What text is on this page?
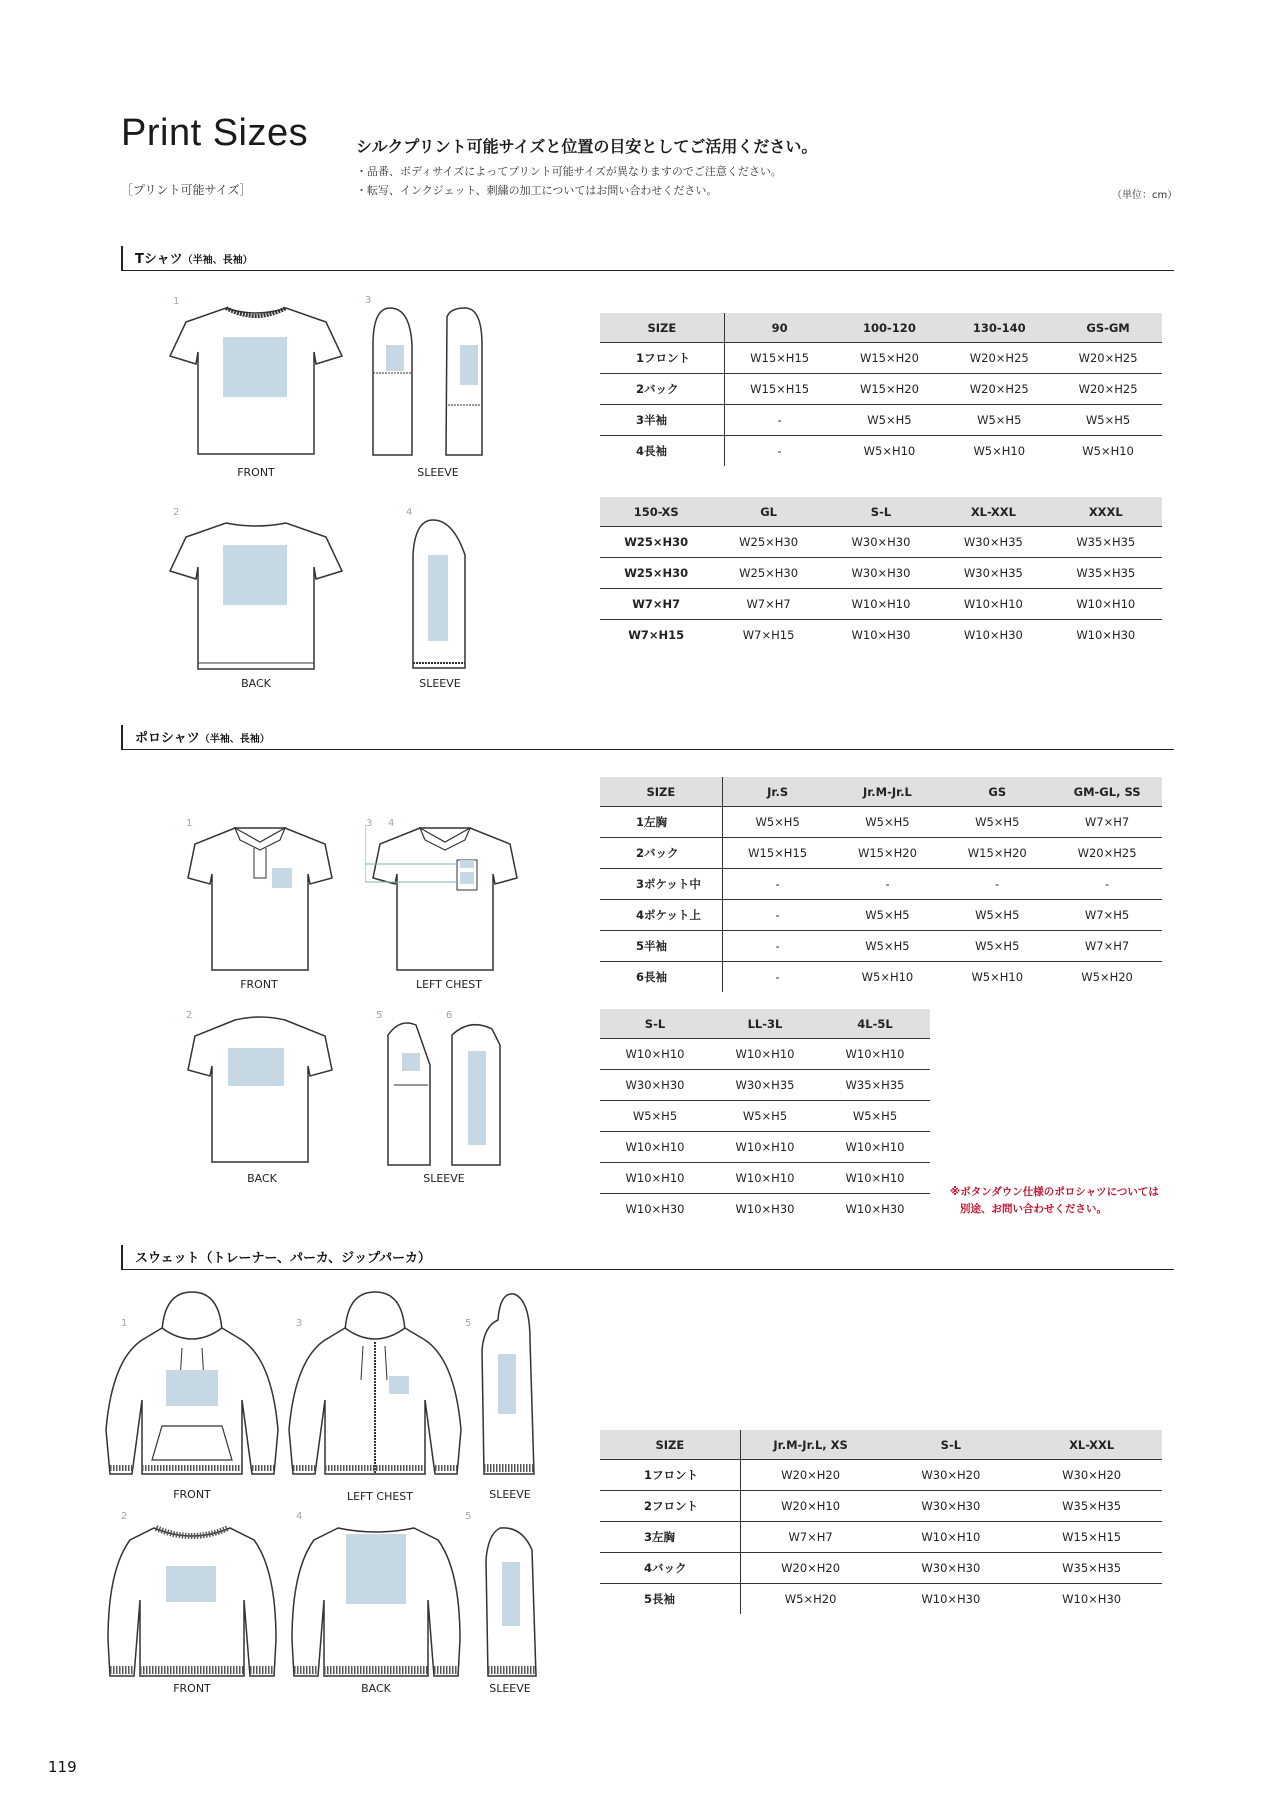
Print Sizes
［プリント可能サイズ］
シルクプリント可能サイズと位置の目安としてご活用ください。
・品番、ボディサイズによってプリント可能サイズが異なりますのでご注意ください。
・転写、インクジェット、刺繍の加工についてはお問い合わせください。	（単位：cm）
Tシャツ（半袖、長袖）
1
FRONT
3
SLEEVE
2
BACK
4
SLEEVE
SIZE	90	100-120	130-140	GS-GM
1フロント	W15×H15	W15×H20	W20×H25	W20×H25
2バック	W15×H15	W15×H20	W20×H25	W20×H25
3半袖	-	W5×H5	W5×H5	W5×H5
4長袖	-	W5×H10	W5×H10	W5×H10
150-XS	GL	S-L	XL-XXL	XXXL
W25×H30	W25×H30	W30×H30	W30×H35	W35×H35
W25×H30	W25×H30	W30×H30	W30×H35	W35×H35
W7×H7	W7×H7	W10×H10	W10×H10	W10×H10
W7×H15	W7×H15	W10×H30	W10×H30	W10×H30
ポロシャツ（半袖、長袖）
1
FRONT
3 4
LEFT CHEST
2
BACK
5	6
SLEEVE
SIZE	Jr.S	Jr.M-Jr.L	GS	GM-GL, SS
1左胸	W5×H5	W5×H5	W5×H5	W7×H7
2バック	W15×H15	W15×H20	W15×H20	W20×H25
3ポケット中	-	-	-	-
4ポケット上	-	W5×H5	W5×H5	W7×H5
5半袖	-	W5×H5	W5×H5	W7×H7
6長袖	-	W5×H10	W5×H10	W5×H20
S-L	LL-3L	4L-5L
W10×H10	W10×H10	W10×H10
W30×H30	W30×H35	W35×H35
W5×H5	W5×H5	W5×H5
W10×H10	W10×H10	W10×H10
W10×H10	W10×H10	W10×H10
W10×H30	W10×H30	W10×H30
※ボタンダウン仕様のポロシャツについては
別途、お問い合わせください。
スウェット（トレーナー、パーカ、ジップパーカ）
1
FRONT
3
LEFT CHEST
5
SLEEVE
2
FRONT
4
BACK
5
SLEEVE
SIZE	Jr.M-Jr.L, XS	S-L	XL-XXL
1フロント	W20×H20	W30×H20	W30×H20
2フロント	W20×H10	W30×H30	W35×H35
3左胸	W7×H7	W10×H10	W15×H15
4バック	W20×H20	W30×H30	W35×H35
5長袖	W5×H20	W10×H30	W10×H30
119
